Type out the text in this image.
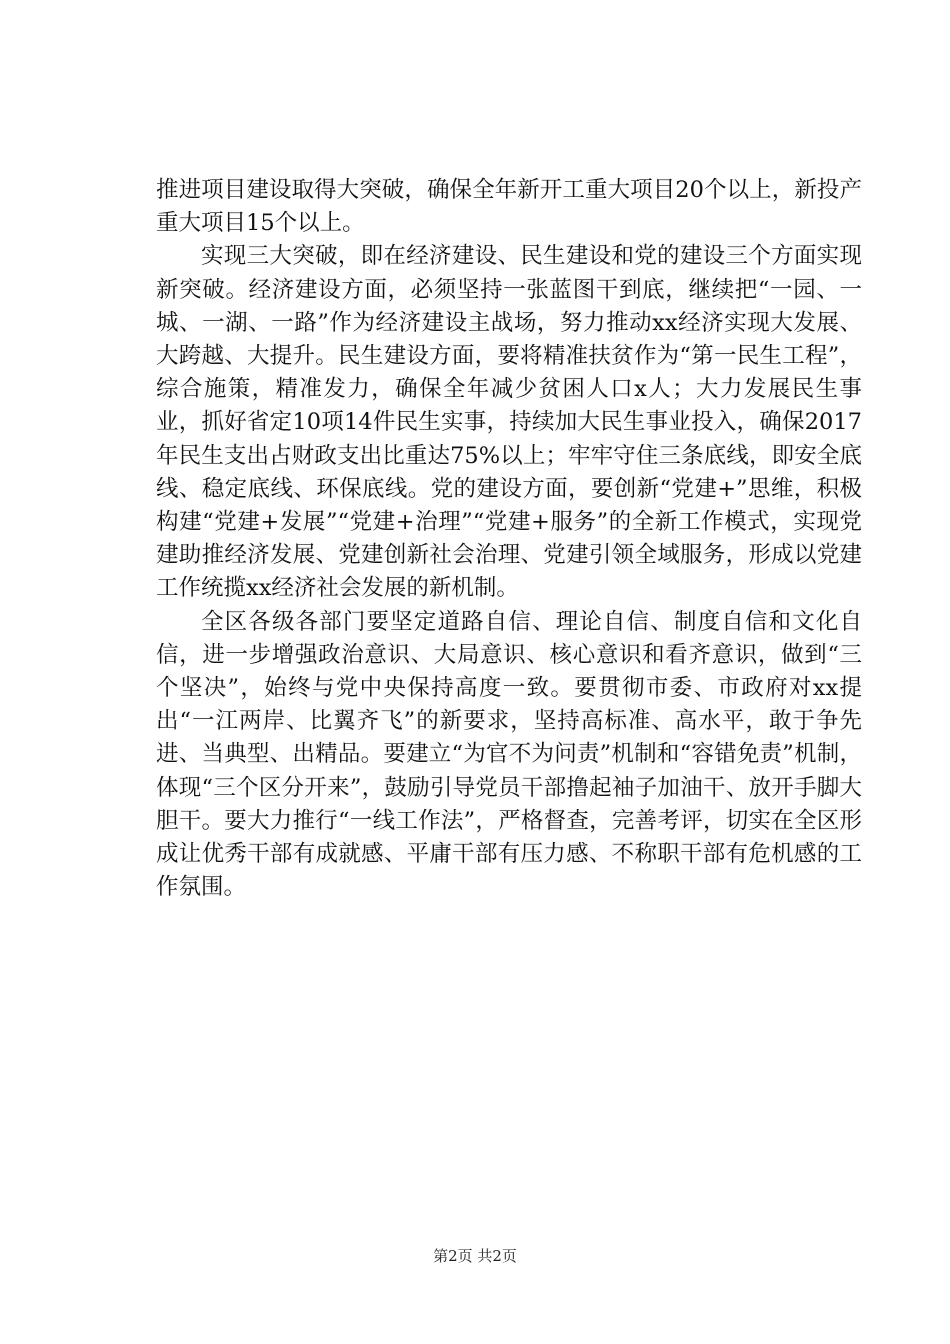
推进项目建设取得大突破，确保全年新开工重大项目20个以上，新投产重大项目15个以上。

实现三大突破，即在经济建设、民生建设和党的建设三个方面实现新突破。经济建设方面，必须坚持一张蓝图干到底，继续把“一园、一城、一湖、一路”作为经济建设主战场，努力推动xx经济实现大发展、大跨越、大提升。民生建设方面，要将精准扶贫作为“第一民生工程”，综合施策，精准发力，确保全年减少贫困人口x人；大力发展民生事业，抓好省定10项14件民生实事，持续加大民生事业投入，确保2017年民生支出占财政支出比重达75%以上；牢牢守住三条底线，即安全底线、稳定底线、环保底线。党的建设方面，要创新“党建+”思维，积极构建“党建+发展”“党建+治理”“党建+服务”的全新工作模式，实现党建助推经济发展、党建创新社会治理、党建引领全域服务，形成以党建工作统揽xx经济社会发展的新机制。

全区各级各部门要坚定道路自信、理论自信、制度自信和文化自信，进一步增强政治意识、大局意识、核心意识和看齐意识，做到“三个坚决”，始终与党中央保持高度一致。要贯彻市委、市政府对xx提出“一江两岸、比翼齐飞”的新要求，坚持高标准、高水平，敢于争先进、当典型、出精品。要建立“为官不为问责”机制和“容错免责”机制，体现“三个区分开来”，鼓励引导党员干部撸起袖子加油干、放开手脚大胆干。要大力推行“一线工作法”，严格督查，完善考评，切实在全区形成让优秀干部有成就感、平庸干部有压力感、不称职干部有危机感的工作氛围。

第2页 共2页
